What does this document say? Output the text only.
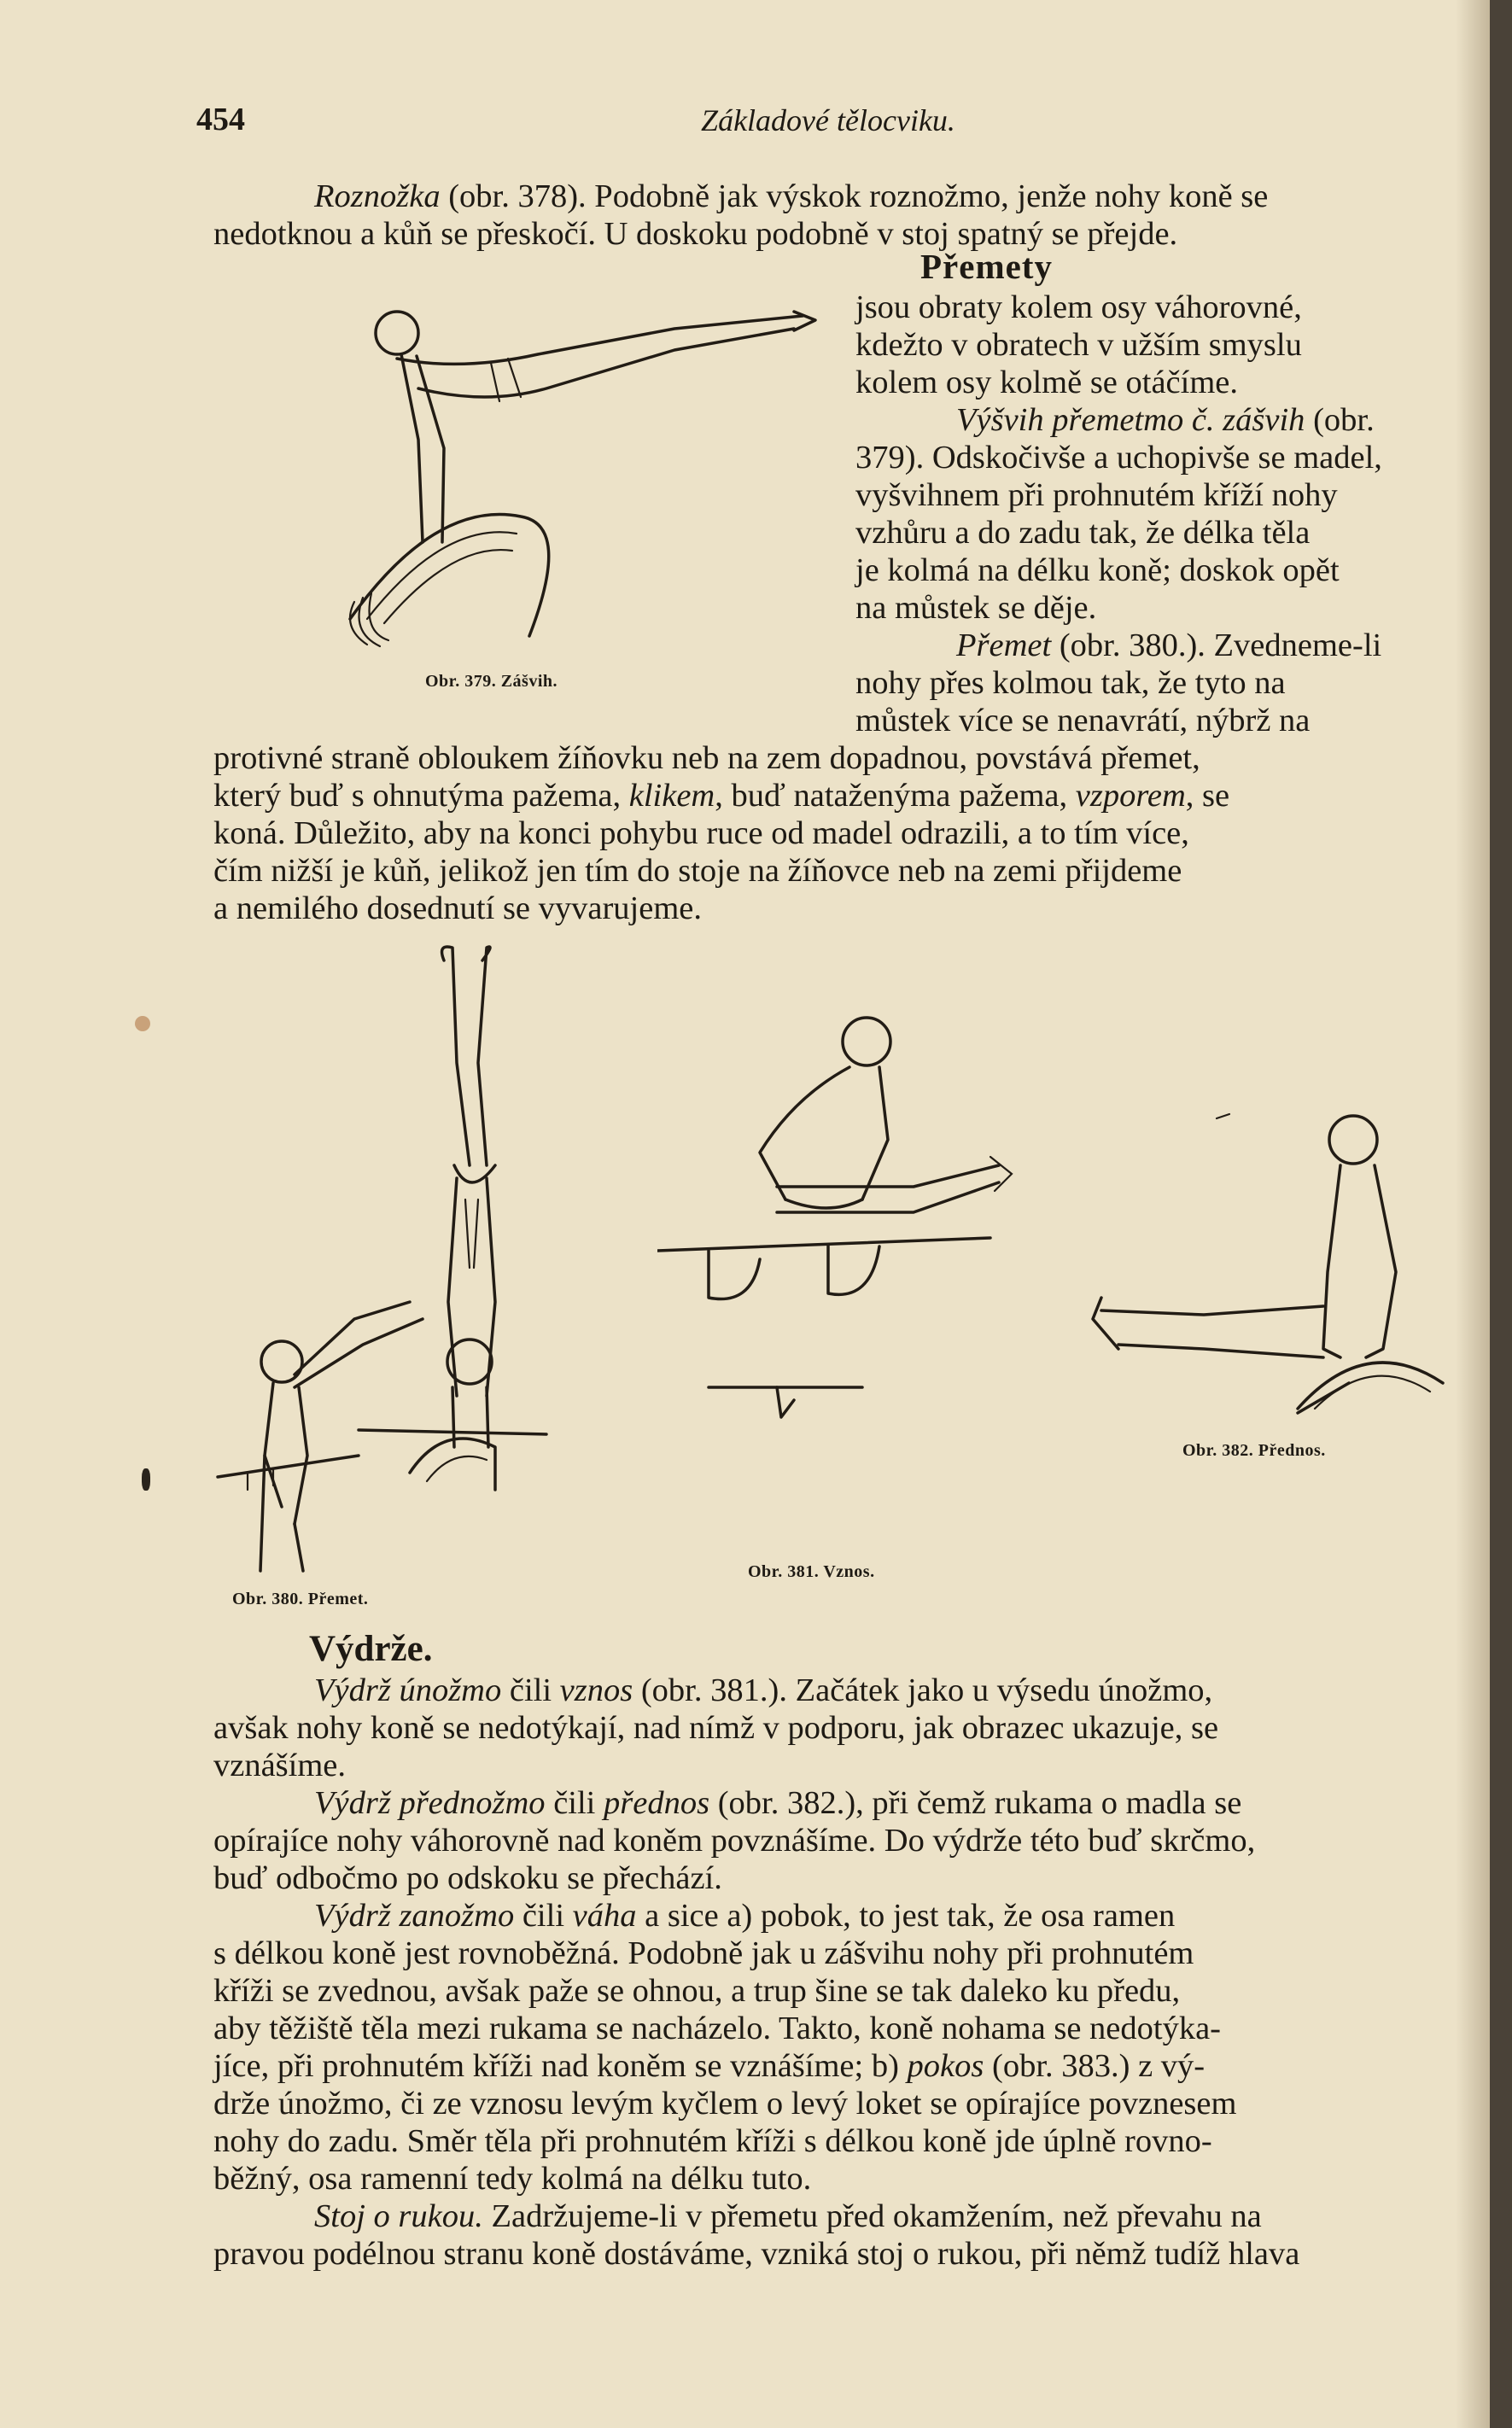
454	Základové tělocviku.

Roznožka (obr. 378). Podobně jak výskok roznožmo, jenže nohy koně se

nedotknou a kůň se přeskočí. U doskoku podobně v stoj spatný se přejde.

Přemety
Obr. 379. Zášvih.

jsou obraty kolem osy váhorovné,

kdežto v obratech v užším smyslu

kolem osy kolmě se otáčíme.

Výšvih přemetmo č. zášvih (obr.

379). Odskočivše a uchopivše se madel,

vyšvihnem při prohnutém kříží nohy

vzhůru a do zadu tak, že délka těla

je kolmá na délku koně; doskok opět

na můstek se děje.

Přemet (obr. 380.). Zvedneme-li

nohy přes kolmou tak, že tyto na

můstek více se nenavrátí, nýbrž na

protivné straně obloukem žíňovku neb na zem dopadnou, povstává přemet,

který buď s ohnutýma pažema, klikem, buď nataženýma pažema, vzporem, se

koná. Důležito, aby na konci pohybu ruce od madel odrazili, a to tím více,

čím nižší je kůň, jelikož jen tím do stoje na žíňovce neb na zemi přijdeme

a nemilého dosednutí se vyvarujeme.

Obr. 380. Přemet.
Obr. 381. Vznos.
Obr. 382. Přednos.
Výdrže.

Výdrž únožmo čili vznos (obr. 381.). Začátek jako u výsedu únožmo,

avšak nohy koně se nedotýkají, nad nímž v podporu, jak obrazec ukazuje, se

vznášíme.

Výdrž přednožmo čili přednos (obr. 382.), při čemž rukama o madla se

opírajíce nohy váhorovně nad koněm povznášíme. Do výdrže této buď skrčmo,

buď odbočmo po odskoku se přechází.

Výdrž zanožmo čili váha a sice a) pobok, to jest tak, že osa ramen

s délkou koně jest rovnoběžná. Podobně jak u zášvihu nohy při prohnutém

kříži se zvednou, avšak paže se ohnou, a trup šine se tak daleko ku předu,

aby těžiště těla mezi rukama se nacházelo. Takto, koně nohama se nedotýka-

jíce, při prohnutém kříži nad koněm se vznášíme; b) pokos (obr. 383.) z vý-

drže únožmo, či ze vznosu levým kyčlem o levý loket se opírajíce povznesem

nohy do zadu. Směr těla při prohnutém kříži s délkou koně jde úplně rovno-

běžný, osa ramenní tedy kolmá na délku tuto.

Stoj o rukou. Zadržujeme-li v přemetu před okamžením, než převahu na

pravou podélnou stranu koně dostáváme, vzniká stoj o rukou, při němž tudíž hlava
